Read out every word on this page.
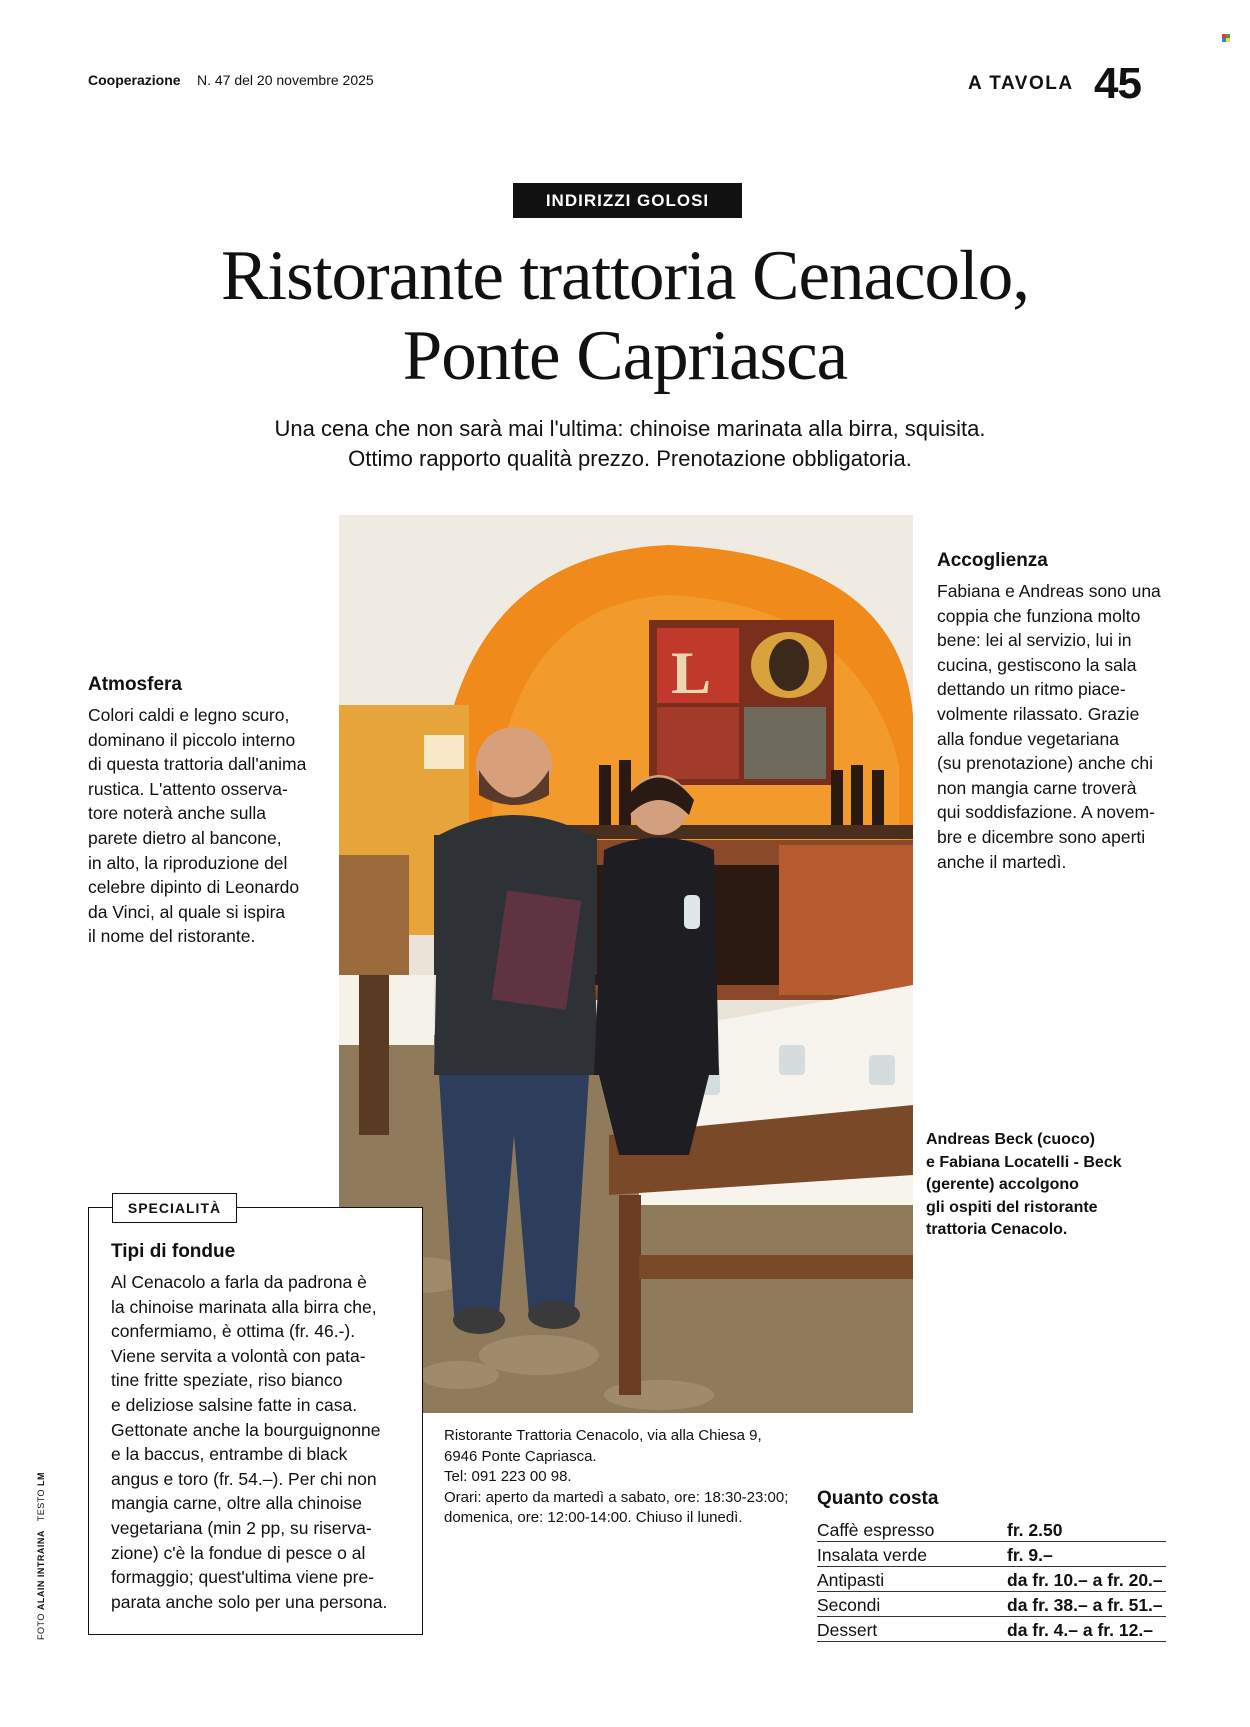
Cooperazione N. 47 del 20 novembre 2025	A TAVOLA 45
INDIRIZZI GOLOSI
Ristorante trattoria Cenacolo,
Ponte Capriasca
Una cena che non sarà mai l'ultima: chinoise marinata alla birra, squisita.
Ottimo rapporto qualità prezzo. Prenotazione obbligatoria.
Atmosfera
Colori caldi e legno scuro,
dominano il piccolo interno
di questa trattoria dall'anima
rustica. L'attento osserva-
tore noterà anche sulla
parete dietro al bancone,
in alto, la riproduzione del
celebre dipinto di Leonardo
da Vinci, al quale si ispira
il nome del ristorante.
Accoglienza
Fabiana e Andreas sono una
coppia che funziona molto
bene: lei al servizio, lui in
cucina, gestiscono la sala
dettando un ritmo piace-
volmente rilassato. Grazie
alla fondue vegetariana
(su prenotazione) anche chi
non mangia carne troverà
qui soddisfazione. A novem-
bre e dicembre sono aperti
anche il martedì.
L
Andreas Beck (cuoco)
e Fabiana Locatelli - Beck
(gerente) accolgono
gli ospiti del ristorante
trattoria Cenacolo.
SPECIALITÀ
Tipi di fondue
Al Cenacolo a farla da padrona è
la chinoise marinata alla birra che,
confermiamo, è ottima (fr. 46.-).
Viene servita a volontà con pata-
tine fritte speziate, riso bianco
e deliziose salsine fatte in casa.
Gettonate anche la bourguignonne
e la baccus, entrambe di black
angus e toro (fr. 54.–). Per chi non
mangia carne, oltre alla chinoise
vegetariana (min 2 pp, su riserva-
zione) c'è la fondue di pesce o al
formaggio; quest'ultima viene pre-
parata anche solo per una persona.
Ristorante Trattoria Cenacolo, via alla Chiesa 9,
6946 Ponte Capriasca.
Tel: 091 223 00 98.
Orari: aperto da martedì a sabato, ore: 18:30-23:00;
domenica, ore: 12:00-14:00. Chiuso il lunedì.
Quanto costa
Caffè espresso	fr. 2.50
Insalata verde	fr. 9.–
Antipasti	da fr. 10.– a fr. 20.–
Secondi	da fr. 38.– a fr. 51.–
Dessert	da fr. 4.– a fr. 12.–
FOTO ALAIN INTRAINA   TESTO LM
